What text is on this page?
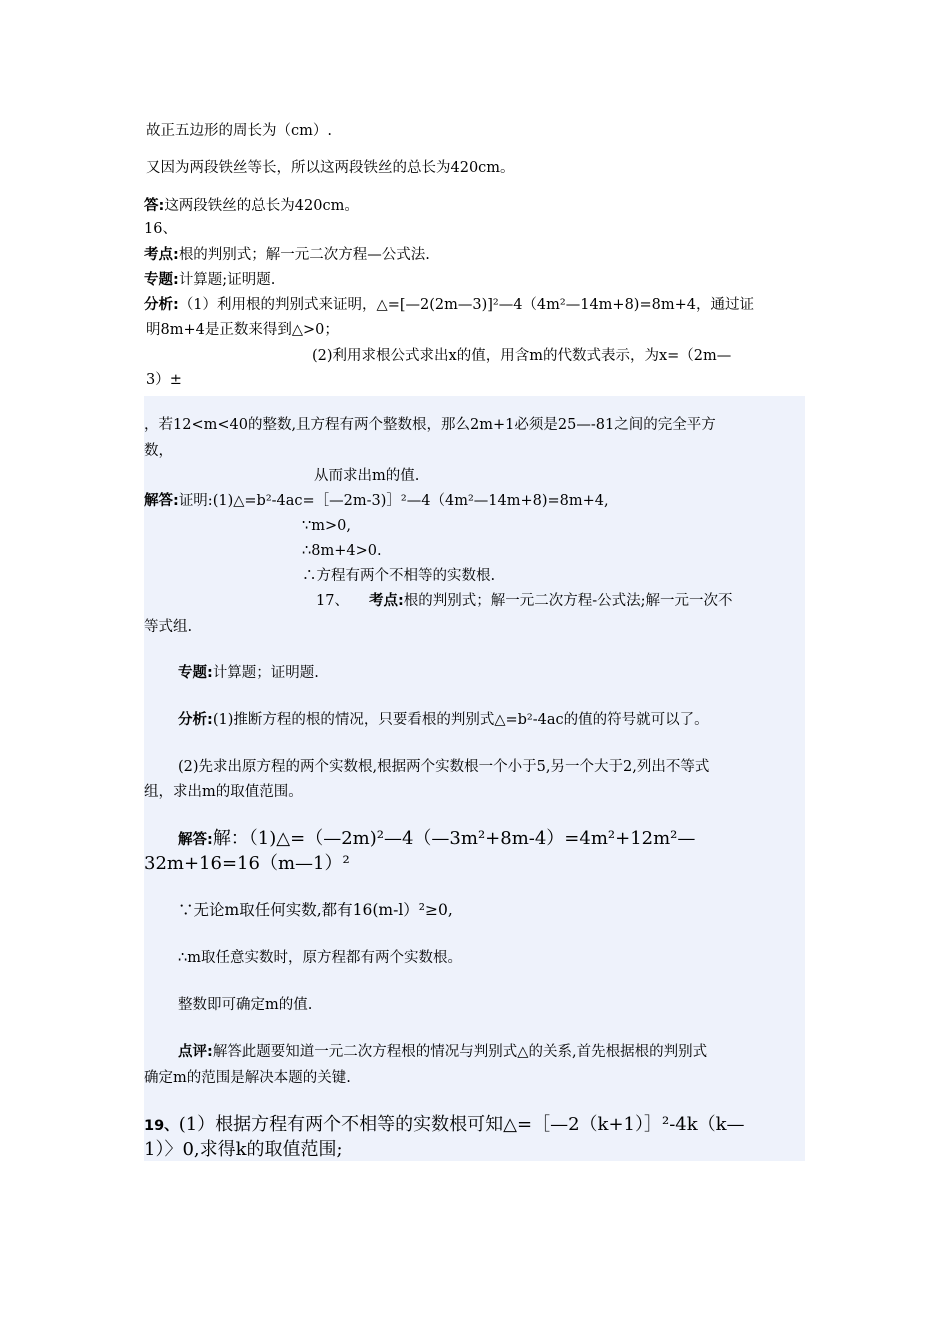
故正五边形的周长为（cm）.
又因为两段铁丝等长，所以这两段铁丝的总长为420cm。
答:这两段铁丝的总长为420cm。
16、
考点:根的判别式；解一元二次方程—公式法.
专题:计算题;证明题.
分析:（1）利用根的判别式来证明，△=[—2(2m—3)]²—4（4m²—14m+8)=8m+4，通过证
明8m+4是正数来得到△>0；
(2)利用求根公式求出x的值，用含m的代数式表示，为x=（2m—
3）±
，若12<m<40的整数,且方程有两个整数根，那么2m+1必须是25—-81之间的完全平方
数，
从而求出m的值.
解答:证明:(1)△=b²-4ac=［—2m-3)］²—4（4m²—14m+8)=8m+4,
∵m>0,
∴8m+4>0.
∴方程有两个不相等的实数根.
17、 考点:根的判别式；解一元二次方程-公式法;解一元一次不
等式组.
专题:计算题；证明题.
分析:(1)推断方程的根的情况，只要看根的判别式△=b²-4ac的值的符号就可以了。
(2)先求出原方程的两个实数根,根据两个实数根一个小于5,另一个大于2,列出不等式
组，求出m的取值范围。
解答:解：（1)△=（—2m)²—4（—3m²+8m-4）=4m²+12m²—
32m+16=16（m—1）²
∵无论m取任何实数,都有16(m-l）²≥0,
∴m取任意实数时，原方程都有两个实数根。
整数即可确定m的值.
点评:解答此题要知道一元二次方程根的情况与判别式△的关系,首先根据根的判别式
确定m的范围是解决本题的关键.
19、(1）根据方程有两个不相等的实数根可知△=［—2（k+1）］²-4k（k—
1）〉0,求得k的取值范围;
